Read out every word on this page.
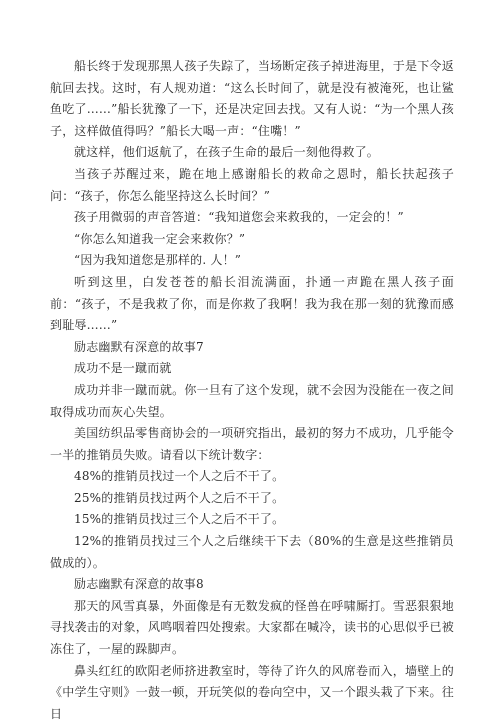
船长终于发现那黑人孩子失踪了，当场断定孩子掉进海里，于是下令返航回去找。这时，有人规劝道：“这么长时间了，就是没有被淹死，也让鲨鱼吃了……”船长犹豫了一下，还是决定回去找。又有人说：“为一个黑人孩子，这样做值得吗？”船长大喝一声：“住嘴！”

就这样，他们返航了，在孩子生命的最后一刻他得救了。

当孩子苏醒过来，跪在地上感谢船长的救命之恩时，船长扶起孩子问：“孩子，你怎么能坚持这么长时间？”

孩子用微弱的声音答道：“我知道您会来救我的，一定会的！”

“你怎么知道我一定会来救你？”

“因为我知道您是那样的. 人！”

听到这里，白发苍苍的船长泪流满面，扑通一声跪在黑人孩子面前：“孩子，不是我救了你，而是你救了我啊！我为我在那一刻的犹豫而感到耻辱……”

励志幽默有深意的故事7

成功不是一蹴而就

成功并非一蹴而就。你一旦有了这个发现，就不会因为没能在一夜之间取得成功而灰心失望。

美国纺织品零售商协会的一项研究指出，最初的努力不成功，几乎能令一半的推销员失败。请看以下统计数字：

48%的推销员找过一个人之后不干了。

25%的推销员找过两个人之后不干了。

15%的推销员找过三个人之后不干了。

12%的推销员找过三个人之后继续干下去（80%的生意是这些推销员做成的）。

励志幽默有深意的故事8

那天的风雪真暴，外面像是有无数发疯的怪兽在呼啸厮打。雪恶狠狠地寻找袭击的对象，风鸣咽着四处搜索。大家都在喊冷，读书的心思似乎已被冻住了，一屋的跺脚声。

鼻头红红的欧阳老师挤进教室时，等待了许久的风席卷而入，墙壁上的《中学生守则》一鼓一顿，开玩笑似的卷向空中，又一个跟头栽了下来。往日
